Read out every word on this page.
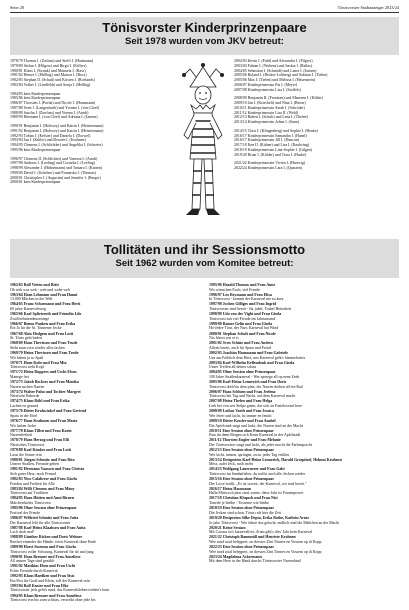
Seite 28	Tönisvorster Stadtanzeiger 2023/24
Tönisvorster Kinderprinzenpaare
Seit 1978 wurden vom JKV betreut:
1978/79 Thomas I. (Zachan) und Steffi I. (Hartmann)
1979/80 Stefan I. (Hilgers) und Birgit I. (Kiffers)
1980/81 Klaus I. (Strunk) und Manuela I. (Rass)
1981/82 Heiner I. (Hellbig) und Marion I. (Brox)
1982/83 Stephan II. (Schult) und Kirsten I. (Roelands)
1983/84 Volker I. (Lindfeldt) und Sonja I. (Hellbig)
1984/85 kein Kinderprinzenpaar
1985/86 kein Kinderprinzenpaar
1986/87 Thorsten I. (Pacha) und Nicole I. (Hausmann)
1987/88 Sven I. (Langenfurth) und Yvonne I. (von Cleef)
1988/89 Sascha I. (Zierfuss) und Verena I. (Arndt)
1989/90 Hermann I. (von Cleef) und Adriana I. (Jansen)
1990/91 Benjamin I. (Holtwey) und Katrin I. (Heistermann)
1991/92 Benjamin I. (Holtwey) und Katrin I. (Heistermann)
1992/93 Tobias I. (Kelster) und Daniela I. (Dorwel)
1993/94 Jan I. (Kihler) und Desirée I. (Krohnen)
1994/95 Clemens I. (Schlichtler) und Angelika I. (Schreier)
1995/96 kein Kinderprinzenpaar
1996/97 Clemens II. (Schlichter) und Vanessa I. (Arndt)
1997/98 Andreas I. (Leeling) und Cornelia I. (Leeling)
1998/99 Alexander I. (Hübsemann) und Tamara I. (Kürten)
1999/00 David I. (Schölzer) und Franziska I. (Thomas)
2000/01 Christopher I. (Augustin) und Jennifer I. (Berger)
2000/01 kein Kinderprinzenpaar
2002/03 Kevin I. (Fuhl) und Alexandra I. (Pilgers)
2003/04 Fabian I. (Waltens) und Saskia I. (Ballas)
2004/05 Sebastian I. (Schmidt) und Laura I. (Jansen)
2005/06 Roland I. (Becker-Lohberg) und Sabrina I. (Tielen)
2005/06 Max I. (Tielen) und Melissa I. (Hasenstein)
2006/07 Kinderprinzessin Pia I. (Meyer)
2007/08 Kinderprinzessin Lisa I. (Stoffels)
2008/09 Benjamin II. (Frentzen) und Maureen I. (Kibler)
2009/10 Jan I. (Kriechelt) und Nina I. (Beton)
2010/11 Kinderprinzessin Sarah I. (Schröder)
2011/12 Kinderprinzessin Lisa II. (Wehl)
2012/13 Ruben I. (Schult) und Lena I. (Thelen)
2013/14 Kinderprinzessin Johna I. (Sann)
2014/15 Chris I. (Klingenberg) und Sophie I. (Henke)
2016/17 Kinderprinzessin Samantha I. (Hanel)
2016/17 Kinderprinzessin Jill I. (Duncan)
2017/18 Ken II. (Kühne) und Lisa I. (Raulwing)
2018/19 Kinderprinzessin Lina-Sophie I. (Gilgen)
2019/20 Brian I. (Köhler) und Tiara I. (Hasbe)
2021/22 Kinderprinzessin Vivien I. (Hartwig)
2022/24 Kinderprinzessin Lara I. (Quasten)
Tollitäten und ihr Sessionsmotto
Seit 1962 wurden vom Komitee betreut:
1962/63 Rolf Vieten und Britt
Oh weh was weh - weh und wehe weh
1963/64 Hans Lehmann und Frau Hanni
13.000 Mücken in der Welt
1964/65 Franz Schoemann und Frau Herti
60 jahre Karnevalsweg
1965/66 Karl Splieteroth und Friendin Lilo
Zwölfzehntendenzeniege
1966/67 Benno Punken und Frau Erika
Ein Ja für die St. Tönnener Jecke
1967/68 Alois Hedgens und Frau Lotti
St. Tönis geht baden
1968/69 Hans Thevissen und Frau Trude
Sieht man vorn wieder alles lachen
1969/70 Heinz Thevissen und Frau Trude
Wir haben ja so Spaß
1970/71 Hans Kohr und Frau Mia
Tönisvorst steht Kopf
1971/72 Heinz Ruppers und Uschi Elsen
Manege frei
1972/73 Jakob Beckers und Frau Monika
Narren suchen Narren
1973/74 Walter Pahn und Tochter Margret
Närrische Rekorde
1974/75 Klaus Röhl und Frau Erika
Lachen ist gesund
1975/76 Dieter Krahwinkel und Frau Gertrud
Spass in der Eifel
1976/77 Hans Krahmen und Frau Maria
Wir halten Jecke
1977/78 Klaus Tillen und Frau Karin
Narrenfreiheit
1978/79 Hans Herzog und Frau Elli
Närrisches Tönisvorst
1979/80 Karl Künkes und Frau Lotti
Lasst die Sonne rein
1980/81 Jürgen Schmitz und Frau Rita
Unsere Straßen, Freunde gehen
1981/82 Hermann Vaassen und Frau Christa
Sieh gutes Herz, noch Freund
1982/83 Nico Calabrese und Frau Gisela
Frieden und Freiheit für Alle
1983/84 Willi Clemens und Frau Mimy
Tönisvorst auf Tradition
1984/85 Hans Hütten und Anni Birnen
Märchenhaftes Tönisvorst
1985/86 Ohne Session ohne Prinzenpaar
Festival der Freude
1986/87 Wilfried Schmitz und Frau Jutta
Der Karneval lebt für alle Tönisvorster
1987/88 Karl Heinz Klaahsen und Frau Anita
Lach doch mal!
1988/89 Günther Ricken und Doris Wehner
Reichet einander die Hände, feiert Karneval ohne Ende
1989/90 Horst Stoemm und Frau Gisela
Tönisvorst voller Schwung, Karneval für alt und jung
1990/91 Hans Brenner und Frau Anneliese
All unsere Tage sind gezählt
1991/92 Matthias Eben und Frau Uschi
Echte Freunde durch Karneval
1992/93 Klaus Haedken und Frau Sissi
Ein Fest für Groß und Klein, soll der Karneval sein
1993/94 Rolf Kuster und Frau Elke
Tönisvorster jeck geht's rund, das Karnevalsleben treiben's bunt
1994/95 Klaus Brenner und Frau Anneliese
Tönisvorst von bis zum schluss, verwirkt ohne jede bis
1995/96 Harald Thomas und Frau Anne
Wir wünschen Euch, viel Freude
1996/97 Leo Reymann und Frau Elisa
In Tönisvorst - kommt der Karneval nie zu kurz
1997/98 Jochen Gilliges und Frau Ingrid
Tönisvorster sind bereit - für jubel, Trubel Heiterkeit
1998/99 Udo van der Vight und Frau Gisela
Tönisvorst mit viel Freude ins Jahrtausend
1999/00 Rainer Gelin und Frau Gisela
Ho-Jeder-Törn, der Narr, Karneval hat Wind
2000/01 Stephan Schult und Frau Nicole
Nix bleivt wie et is
2001/02 Sven Schütz und Frau Andrea
Allzeit bereit, auch für Spass und Freud
2002/03 Joachim Hausmann und Frau Gabriele
Uns am Fröhlich dem Herz, uns Karneval geht's himmelwärts
2003/04 Karl-Wilhelm Kellendonk und Frau Gisela
Unser Treffen all deiner schau
2004/05 Ohne Session ohne Prinzenpaar
100 Jahre Straßenkarneval - Wer spreege all op eene Zeeh
2005/06 Karl-Heinz Lennerich und Frau Doris
Tönisvorst dreh bis dem platt, der Narren drehen all ein Rad
2006/07 Hans Schluen und Frau Jeelena
Tönisvorst bei Tag und Nacht, auf dem Karneval macht
2007/08 Heinz Thelen und Frau Helga
Lieb hei von wet Stelpe gaten, dat sich an Fastelovend frere
2008/09 Lothar Vaeth und Frau Jessica
Wer feiert und lacht, ist immer en feiniit
2009/10 Dieter Kessler und Frau Anabel
Die Apfelstadt singt und lacht, die Narren sind an der Macht
2010/11 Eine Session ohne Prinzenpaar
Paar du denn Bergen sich Kenn Karneval in der Apfelstadt
2011/12 Thorsten Engler und Frau Melanie
Der Tönisvorster singt und lacht, als jeder macht die Farbenpracht
2012/13 Eine Session ohne Prinzenpaar
Wer lacht, tanzen, springen, zwar, jeder Tag erfülen
2013/14 Dreigestirn Karl-Heinz Lennerich, Harald Grospitzel, Helmut Kruhnen
Mess, aufei Jeck, noch mehr
2014/15 Wolfgang Lauernerer und Frau Gabi
Tönisvorst im Sambafieber, du traffst auch alle Jecken wieder
2015/16 Eine Session ohne Prinzenpaar
Der Lowe brüllt, ,,Es ist soweit, der Karneval, wir sind bereit."
2016/17 Heinz Hassmann
Halla Mittwoch jetzt sind, sonne, diese Jahr ist Frauenpower
2017/18 Christian Klupsch und Frau Nici
Tonerle je bleibe - Tosserne wie bleibe
2018/19 Eine Session ohne Prinzenpaar
Die Jecken sind schon, Tönis ruft hier die Zeit
2019/20 Desiperion Silke Depta, Erika Rothe, Kathrin Arntz
Jo jabo Tönisvorst - Wer fahrte das gelacht, endlich sind die Mädchen an der Macht
2020/21 Keine Session
Mit Corona ist's karnevalfrei, d'rum gibt's dies' Jahr kein Karneval
2021/22 Christoph Bannmüll und Henriete Krohnen
Wee sond total beleppert, on dresses Zint Tönnes en Vossem op di Kopp
2022/23 Eine Session ohne Prinzenpaar
Wee sond total beleppert, on dresses Zint Tönnes en Vossem op di Kopp
2023/24 Magdalena Ackermann
Mit dem Herz in der Hand durchs Tönisvorster Narrenland
